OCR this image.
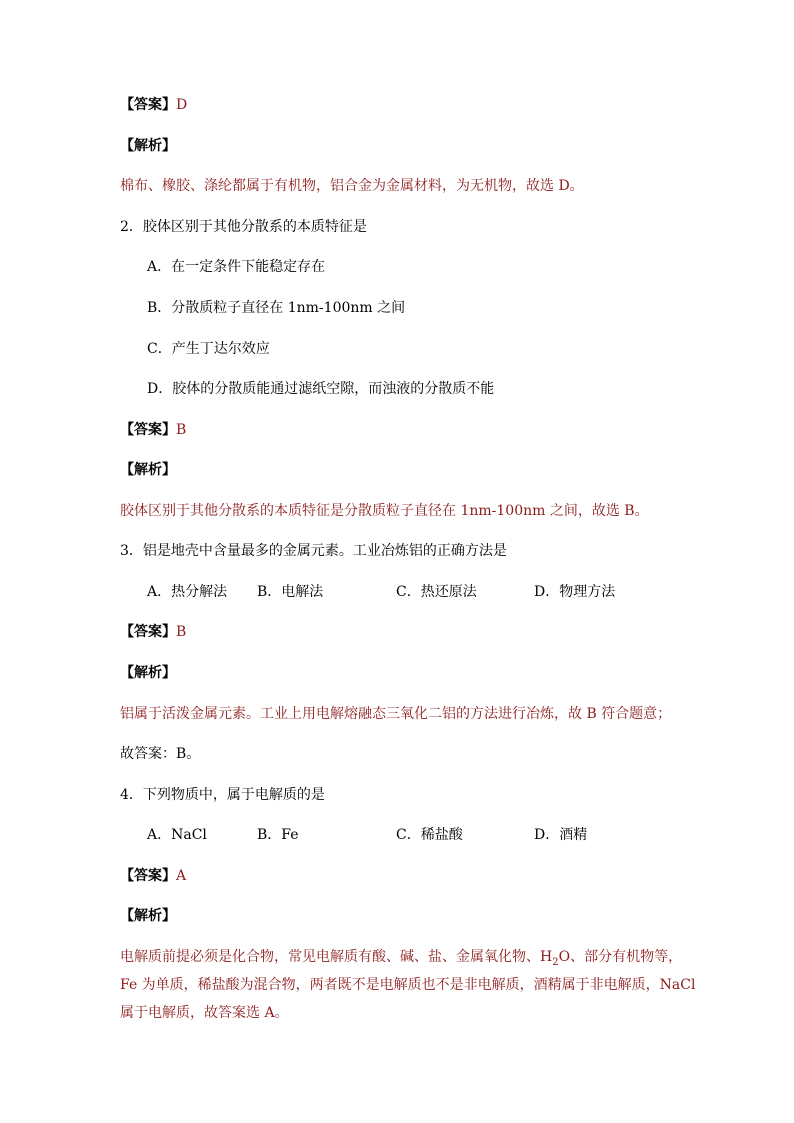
【答案】D
【解析】
棉布、橡胶、涤纶都属于有机物，铝合金为金属材料，为无机物，故选 D。
2．胶体区别于其他分散系的本质特征是
A．在一定条件下能稳定存在
B．分散质粒子直径在 1nm-100nm 之间
C．产生丁达尔效应
D．胶体的分散质能通过滤纸空隙，而浊液的分散质不能
【答案】B
【解析】
胶体区别于其他分散系的本质特征是分散质粒子直径在 1nm-100nm 之间，故选 B。
3．铝是地壳中含量最多的金属元素。工业冶炼铝的正确方法是
A．热分解法 B．电解法	C．热还原法	D．物理方法
【答案】B
【解析】
铝属于活泼金属元素。工业上用电解熔融态三氧化二铝的方法进行冶炼，故 B 符合题意；
故答案：B。
4．下列物质中，属于电解质的是
A．NaCl	B．Fe	C．稀盐酸	D．酒精
【答案】A
【解析】
电解质前提必须是化合物，常见电解质有酸、碱、盐、金属氧化物、$H_2O$、部分有机物等，
Fe 为单质，稀盐酸为混合物，两者既不是电解质也不是非电解质，酒精属于非电解质，NaCl
属于电解质，故答案选 A。
